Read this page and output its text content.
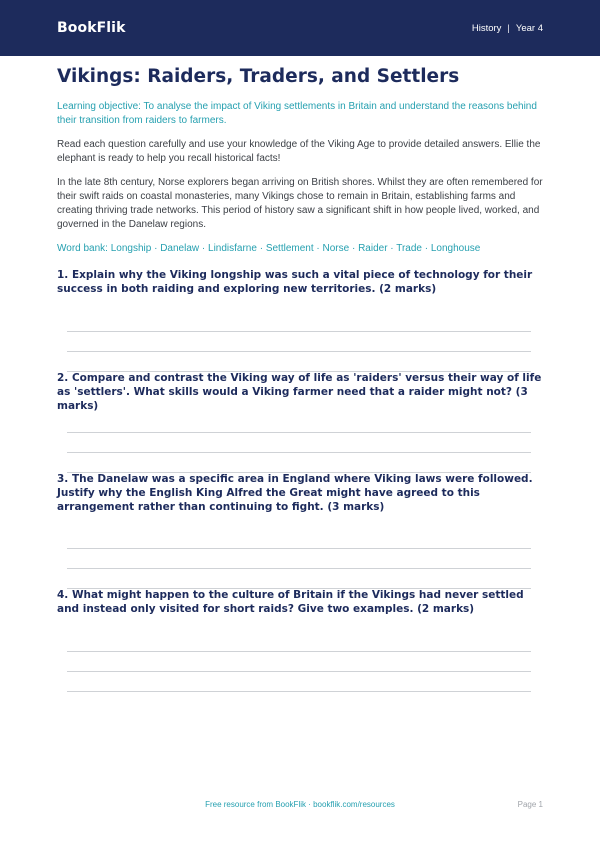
BookFlik	History | Year 4
Vikings: Raiders, Traders, and Settlers

Learning objective: To analyse the impact of Viking settlements in Britain and understand the reasons behind their transition from raiders to farmers.

Read each question carefully and use your knowledge of the Viking Age to provide detailed answers. Ellie the elephant is ready to help you recall historical facts!

In the late 8th century, Norse explorers began arriving on British shores. Whilst they are often remembered for their swift raids on coastal monasteries, many Vikings chose to remain in Britain, establishing farms and creating thriving trade networks. This period of history saw a significant shift in how people lived, worked, and governed in the Danelaw regions.

Word bank: Longship · Danelaw · Lindisfarne · Settlement · Norse · Raider · Trade · Longhouse

1. Explain why the Viking longship was such a vital piece of technology for their success in both raiding and exploring new territories. (2 marks)
2. Compare and contrast the Viking way of life as 'raiders' versus their way of life as 'settlers'. What skills would a Viking farmer need that a raider might not? (3 marks)
3. The Danelaw was a specific area in England where Viking laws were followed. Justify why the English King Alfred the Great might have agreed to this arrangement rather than continuing to fight. (3 marks)
4. What might happen to the culture of Britain if the Vikings had never settled and instead only visited for short raids? Give two examples. (2 marks)
Free resource from BookFlik · bookflik.com/resources	Page 1
